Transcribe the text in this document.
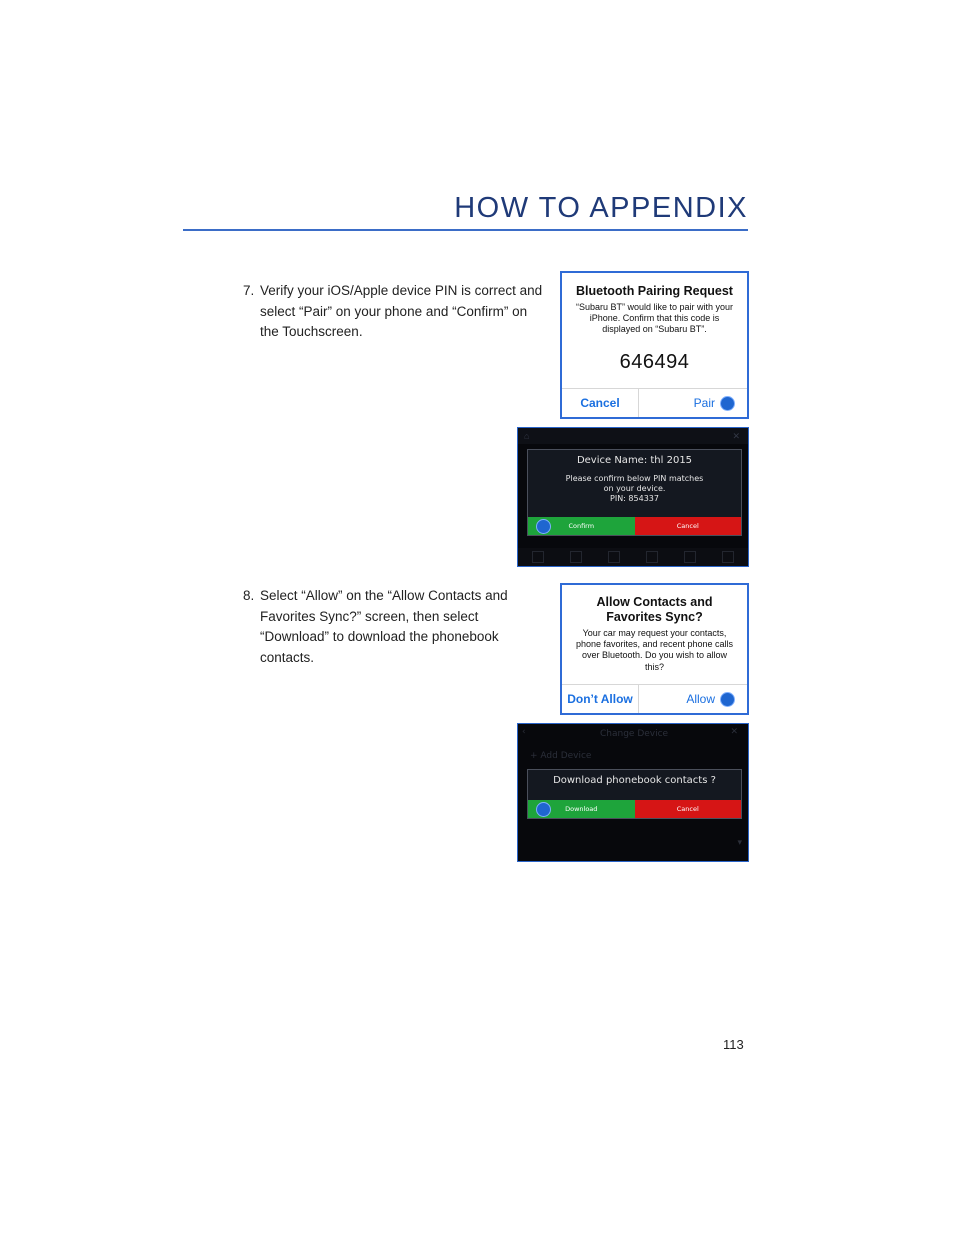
HOW TO APPENDIX
7. Verify your iOS/Apple device PIN is correct and select “Pair” on your phone and “Confirm” on the Touchscreen.
Bluetooth Pairing Request
“Subaru BT” would like to pair with your iPhone. Confirm that this code is displayed on “Subaru BT”.
646494
Cancel	Pair
⌂	✕
Device Name: thl 2015
Please confirm below PIN matches
on your device.
PIN: 854337
Confirm	Cancel
8. Select “Allow” on the “Allow Contacts and Favorites Sync?” screen, then select “Download” to download the phonebook contacts.
Allow Contacts and Favorites Sync?
Your car may request your contacts, phone favorites, and recent phone calls over Bluetooth. Do you wish to allow this?
Don’t Allow	Allow
‹	Change Device	✕
+ Add Device
Download phonebook contacts ?
Download	Cancel
▾
113
